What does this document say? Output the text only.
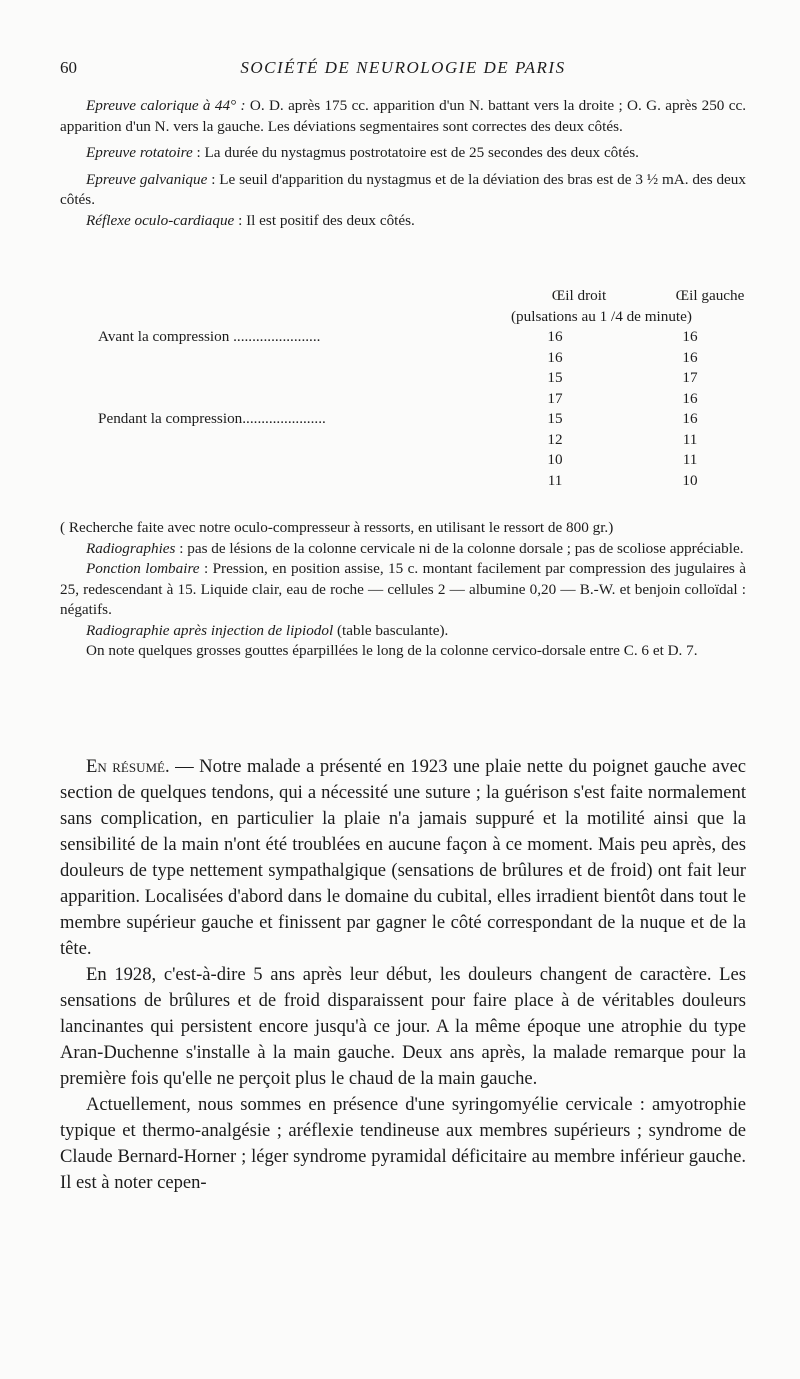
60	SOCIÉTÉ DE NEUROLOGIE DE PARIS

Epreuve calorique à 44° : O. D. après 175 cc. apparition d'un N. battant vers la droite ; O. G. après 250 cc. apparition d'un N. vers la gauche. Les déviations segmentaires sont correctes des deux côtés.

Epreuve rotatoire : La durée du nystagmus postrotatoire est de 25 secondes des deux côtés.

Epreuve galvanique : Le seuil d'apparition du nystagmus et de la déviation des bras est de 3 ½ mA. des deux côtés.

Réflexe oculo-cardiaque : Il est positif des deux côtés.

Œil droit	Œil gauche
(pulsations au 1 /4 de minute)
Avant la compression .......................	16	16
16	16
15	17
17	16
Pendant la compression......................	15	16
12	11
10	11
11	10

( Recherche faite avec notre oculo-compresseur à ressorts, en utilisant le ressort de 800 gr.)

Radiographies : pas de lésions de la colonne cervicale ni de la colonne dorsale ; pas de scoliose appréciable.

Ponction lombaire : Pression, en position assise, 15 c. montant facilement par compression des jugulaires à 25, redescendant à 15. Liquide clair, eau de roche — cellules 2 — albumine 0,20 — B.-W. et benjoin colloïdal : négatifs.

Radiographie après injection de lipiodol (table basculante).

On note quelques grosses gouttes éparpillées le long de la colonne cervico-dorsale entre C. 6 et D. 7.

En résumé. — Notre malade a présenté en 1923 une plaie nette du poignet gauche avec section de quelques tendons, qui a nécessité une suture ; la guérison s'est faite normalement sans complication, en particulier la plaie n'a jamais suppuré et la motilité ainsi que la sensibilité de la main n'ont été troublées en aucune façon à ce moment. Mais peu après, des douleurs de type nettement sympathalgique (sensations de brûlures et de froid) ont fait leur apparition. Localisées d'abord dans le domaine du cubital, elles irradient bientôt dans tout le membre supérieur gauche et finissent par gagner le côté correspondant de la nuque et de la tête.

En 1928, c'est-à-dire 5 ans après leur début, les douleurs changent de caractère. Les sensations de brûlures et de froid disparaissent pour faire place à de véritables douleurs lancinantes qui persistent encore jusqu'à ce jour. A la même époque une atrophie du type Aran-Duchenne s'installe à la main gauche. Deux ans après, la malade remarque pour la première fois qu'elle ne perçoit plus le chaud de la main gauche.

Actuellement, nous sommes en présence d'une syringomyélie cervicale : amyotrophie typique et thermo-analgésie ; aréflexie tendineuse aux membres supérieurs ; syndrome de Claude Bernard-Horner ; léger syndrome pyramidal déficitaire au membre inférieur gauche. Il est à noter cepen-
